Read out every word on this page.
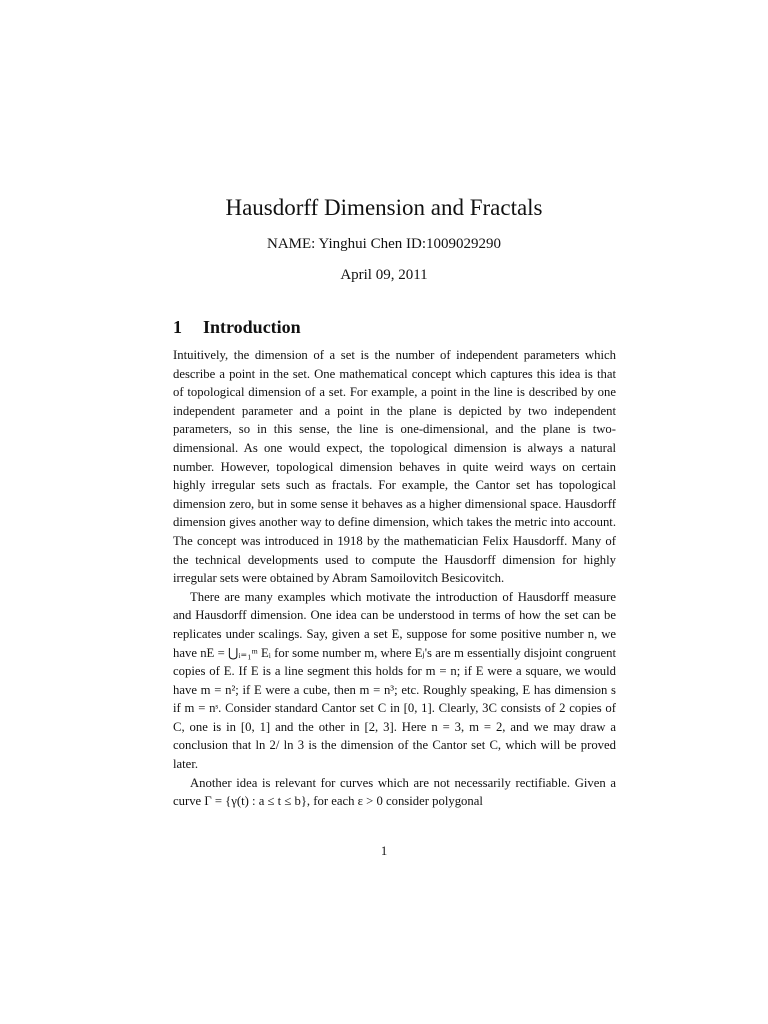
Hausdorff Dimension and Fractals
NAME: Yinghui Chen ID:1009029290
April 09, 2011
1 Introduction

Intuitively, the dimension of a set is the number of independent parameters which describe a point in the set. One mathematical concept which captures this idea is that of topological dimension of a set. For example, a point in the line is described by one independent parameter and a point in the plane is depicted by two independent parameters, so in this sense, the line is one-dimensional, and the plane is two-dimensional. As one would expect, the topological dimension is always a natural number. However, topological dimension behaves in quite weird ways on certain highly irregular sets such as fractals. For example, the Cantor set has topological dimension zero, but in some sense it behaves as a higher dimensional space. Hausdorff dimension gives another way to define dimension, which takes the metric into account. The concept was introduced in 1918 by the mathematician Felix Hausdorff. Many of the technical developments used to compute the Hausdorff dimension for highly irregular sets were obtained by Abram Samoilovitch Besicovitch.

There are many examples which motivate the introduction of Hausdorff measure and Hausdorff dimension. One idea can be understood in terms of how the set can be replicates under scalings. Say, given a set E, suppose for some positive number n, we have nE = ⋃ᵢ₌₁ᵐ Eᵢ for some number m, where Eⱼ's are m essentially disjoint congruent copies of E. If E is a line segment this holds for m = n; if E were a square, we would have m = n²; if E were a cube, then m = n³; etc. Roughly speaking, E has dimension s if m = nˢ. Consider standard Cantor set C in [0, 1]. Clearly, 3C consists of 2 copies of C, one is in [0, 1] and the other in [2, 3]. Here n = 3, m = 2, and we may draw a conclusion that ln 2/ ln 3 is the dimension of the Cantor set C, which will be proved later.

Another idea is relevant for curves which are not necessarily rectifiable. Given a curve Γ = {γ(t) : a ≤ t ≤ b}, for each ε > 0 consider polygonal

1
